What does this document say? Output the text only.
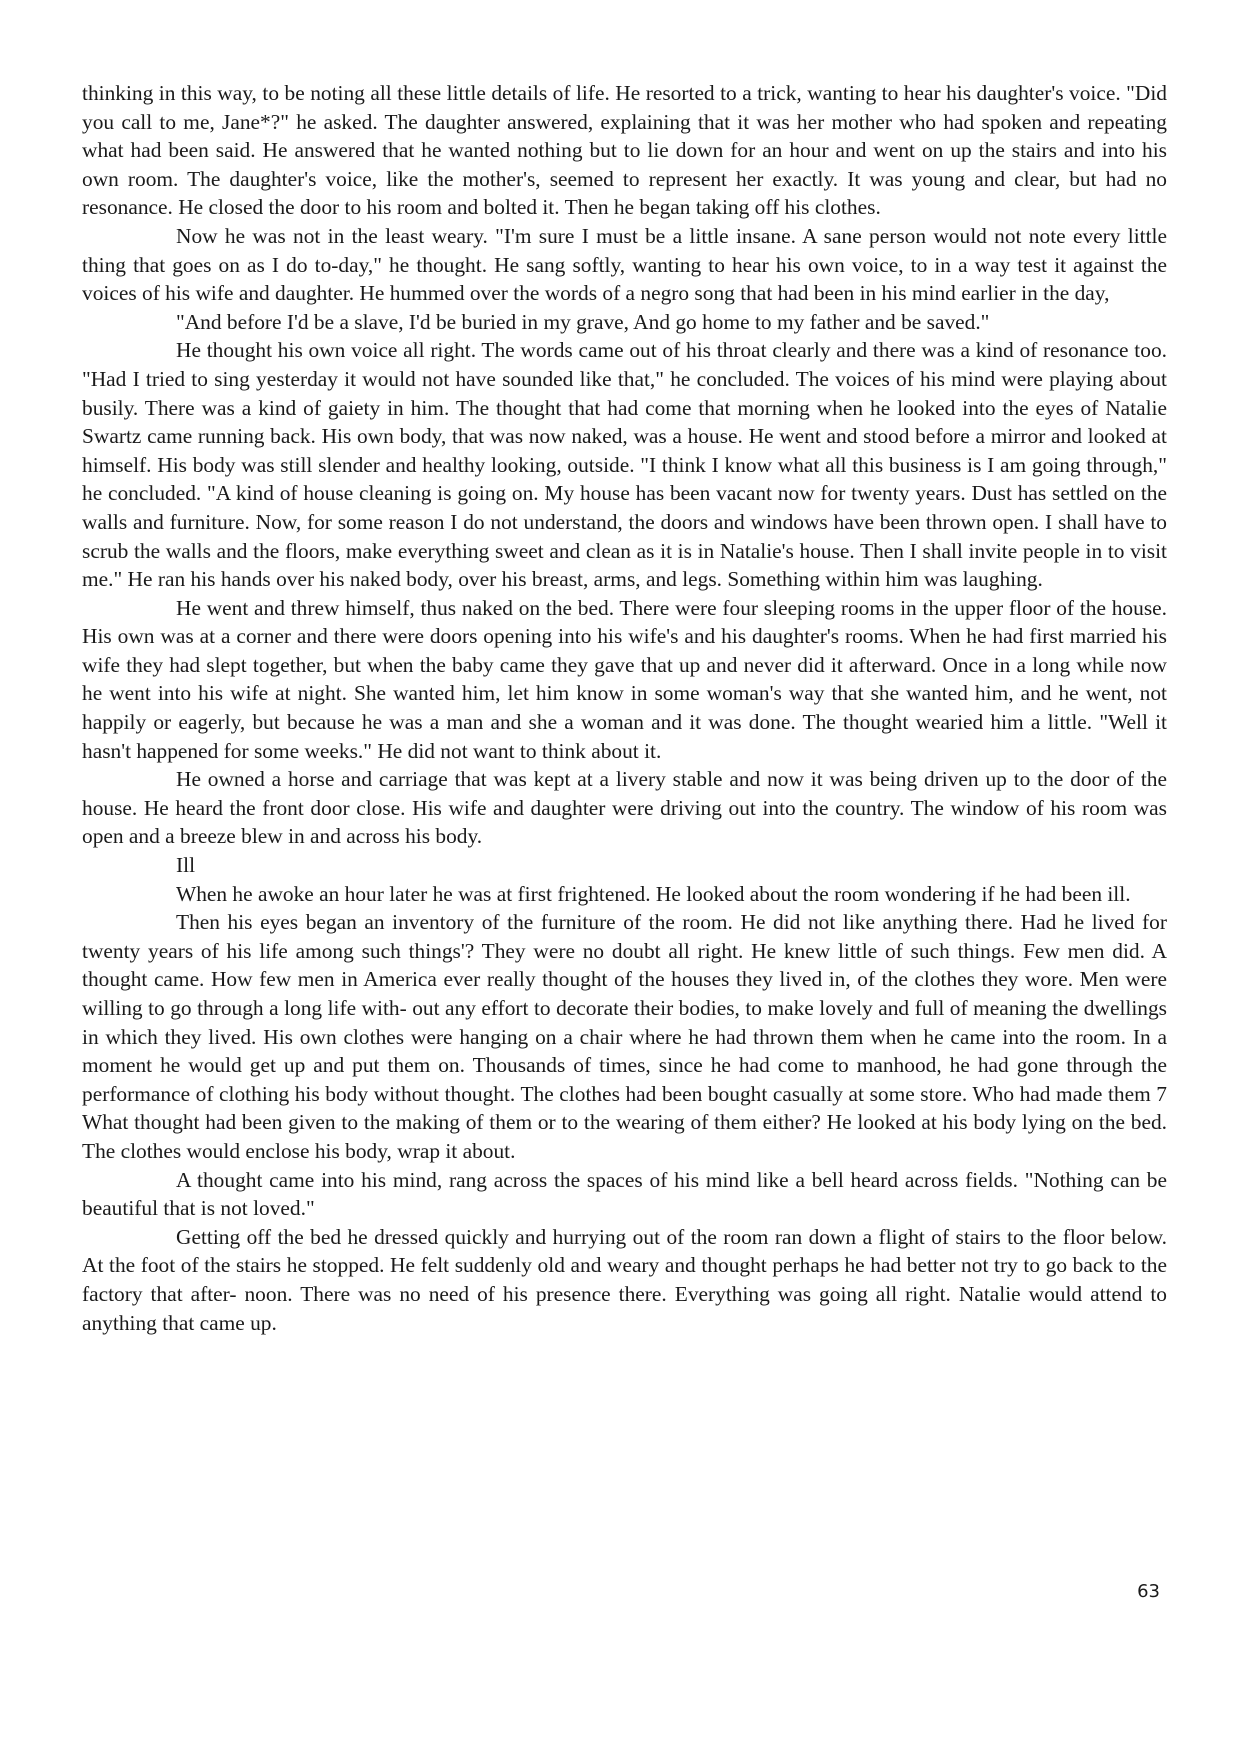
thinking in this way, to be noting all these little details of life. He resorted to a trick, wanting to hear his daughter's voice. "Did you call to me, Jane*?" he asked. The daughter answered, explaining that it was her mother who had spoken and repeating what had been said. He answered that he wanted nothing but to lie down for an hour and went on up the stairs and into his own room. The daughter's voice, like the mother's, seemed to represent her exactly. It was young and clear, but had no resonance. He closed the door to his room and bolted it. Then he began taking off his clothes.

Now he was not in the least weary. "I'm sure I must be a little insane. A sane person would not note every little thing that goes on as I do to-day," he thought. He sang softly, wanting to hear his own voice, to in a way test it against the voices of his wife and daughter. He hummed over the words of a negro song that had been in his mind earlier in the day,

"And before I'd be a slave, I'd be buried in my grave, And go home to my father and be saved."

He thought his own voice all right. The words came out of his throat clearly and there was a kind of resonance too. "Had I tried to sing yesterday it would not have sounded like that," he concluded. The voices of his mind were playing about busily. There was a kind of gaiety in him. The thought that had come that morning when he looked into the eyes of Natalie Swartz came running back. His own body, that was now naked, was a house. He went and stood before a mirror and looked at himself. His body was still slender and healthy looking, outside. "I think I know what all this business is I am going through," he concluded. "A kind of house cleaning is going on. My house has been vacant now for twenty years. Dust has settled on the walls and furniture. Now, for some reason I do not understand, the doors and windows have been thrown open. I shall have to scrub the walls and the floors, make everything sweet and clean as it is in Natalie's house. Then I shall invite people in to visit me." He ran his hands over his naked body, over his breast, arms, and legs. Something within him was laughing.

He went and threw himself, thus naked on the bed. There were four sleeping rooms in the upper floor of the house. His own was at a corner and there were doors opening into his wife's and his daughter's rooms. When he had first married his wife they had slept together, but when the baby came they gave that up and never did it afterward. Once in a long while now he went into his wife at night. She wanted him, let him know in some woman's way that she wanted him, and he went, not happily or eagerly, but because he was a man and she a woman and it was done. The thought wearied him a little. "Well it hasn't happened for some weeks." He did not want to think about it.

He owned a horse and carriage that was kept at a livery stable and now it was being driven up to the door of the house. He heard the front door close. His wife and daughter were driving out into the country. The window of his room was open and a breeze blew in and across his body.

Ill

When he awoke an hour later he was at first frightened. He looked about the room wondering if he had been ill.

Then his eyes began an inventory of the furniture of the room. He did not like anything there. Had he lived for twenty years of his life among such things'? They were no doubt all right. He knew little of such things. Few men did. A thought came. How few men in America ever really thought of the houses they lived in, of the clothes they wore. Men were willing to go through a long life with- out any effort to decorate their bodies, to make lovely and full of meaning the dwellings in which they lived. His own clothes were hanging on a chair where he had thrown them when he came into the room. In a moment he would get up and put them on. Thousands of times, since he had come to manhood, he had gone through the performance of clothing his body without thought. The clothes had been bought casually at some store. Who had made them 7 What thought had been given to the making of them or to the wearing of them either? He looked at his body lying on the bed. The clothes would enclose his body, wrap it about.

A thought came into his mind, rang across the spaces of his mind like a bell heard across fields. "Nothing can be beautiful that is not loved."

Getting off the bed he dressed quickly and hurrying out of the room ran down a flight of stairs to the floor below. At the foot of the stairs he stopped. He felt suddenly old and weary and thought perhaps he had better not try to go back to the factory that after- noon. There was no need of his presence there. Everything was going all right. Natalie would attend to anything that came up.

63
